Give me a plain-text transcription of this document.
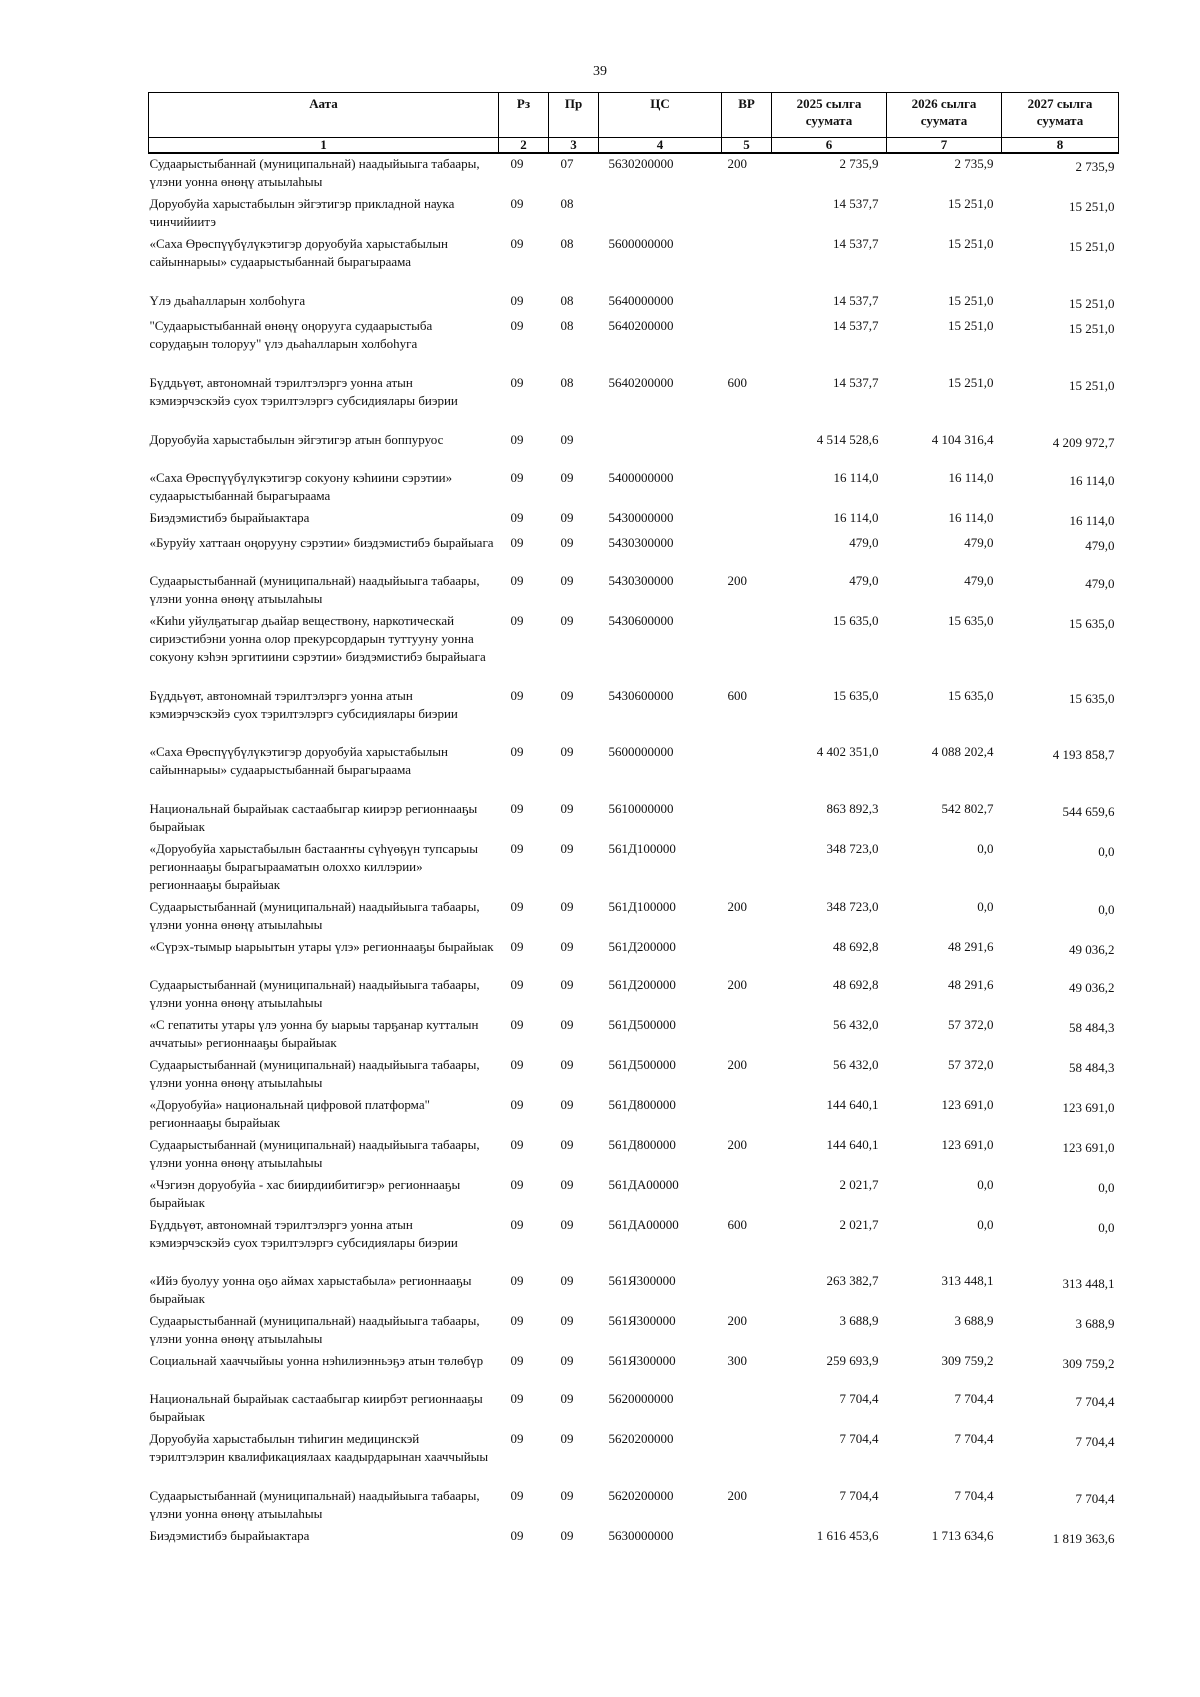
39
Аата	Рз	Пр	ЦС	ВР	2025 сылга суумата	2026 сылга суумата	2027 сылга суумата
1	2	3	4	5	6	7	8
Судаарыстыбаннай (муниципальнай) наадыйыыга табаары, үлэни уонна өнөңү атыылаһыы	09	07	5630200000	200	2 735,9	2 735,9	2 735,9
Доруобуйа харыстабылын эйгэтигэр прикладной наука чинчийиитэ	09	08			14 537,7	15 251,0	15 251,0
«Саха Өрөспүүбүлүкэтигэр доруобуйа харыстабылын сайыннарыы» судаарыстыбаннай бырагыраама	09	08	5600000000		14 537,7	15 251,0	15 251,0
Үлэ дьаһалларын холбоһуга	09	08	5640000000		14 537,7	15 251,0	15 251,0
"Судаарыстыбаннай өнөңү оңорууга судаарыстыба сорудаҕын толоруу" үлэ дьаһалларын холбоһуга	09	08	5640200000		14 537,7	15 251,0	15 251,0
Бүддьүөт, автономнай тэрилтэлэргэ уонна атын кэмиэрчэскэйэ суох тэрилтэлэргэ субсидиялары биэрии	09	08	5640200000	600	14 537,7	15 251,0	15 251,0
Доруобуйа харыстабылын эйгэтигэр атын боппуруос	09	09			4 514 528,6	4 104 316,4	4 209 972,7
«Саха Өрөспүүбүлүкэтигэр сокуону кэһиини сэрэтии» судаарыстыбаннай бырагыраама	09	09	5400000000		16 114,0	16 114,0	16 114,0
Биэдэмистибэ бырайыактара	09	09	5430000000		16 114,0	16 114,0	16 114,0
«Буруйу хаттаан оңорууну сэрэтии» биэдэмистибэ бырайыага	09	09	5430300000		479,0	479,0	479,0
Судаарыстыбаннай (муниципальнай) наадыйыыга табаары, үлэни уонна өнөңү атыылаһыы	09	09	5430300000	200	479,0	479,0	479,0
«Киһи уйулҕатыгар дьайар веществону, наркотическай сириэстибэни уонна олор прекурсордарын туттууну уонна сокуону кэһэн эргитиини сэрэтии» биэдэмистибэ бырайыага	09	09	5430600000		15 635,0	15 635,0	15 635,0
Бүддьүөт, автономнай тэрилтэлэргэ уонна атын кэмиэрчэскэйэ суох тэрилтэлэргэ субсидиялары биэрии	09	09	5430600000	600	15 635,0	15 635,0	15 635,0
«Саха Өрөспүүбүлүкэтигэр доруобуйа харыстабылын сайыннарыы» судаарыстыбаннай бырагыраама	09	09	5600000000		4 402 351,0	4 088 202,4	4 193 858,7
Национальнай бырайыак састаабыгар киирэр регионнааҕы бырайыак	09	09	5610000000		863 892,3	542 802,7	544 659,6
«Доруобуйа харыстабылын бастааҥҥы сүһүөҕүн тупсарыы регионнааҕы бырагырааматын олоххо киллэрии» регионнааҕы бырайыак	09	09	561Д100000		348 723,0	0,0	0,0
Судаарыстыбаннай (муниципальнай) наадыйыыга табаары, үлэни уонна өнөңү атыылаһыы	09	09	561Д100000	200	348 723,0	0,0	0,0
«Сүрэх-тымыр ыарыытын утары үлэ» регионнааҕы бырайыак	09	09	561Д200000		48 692,8	48 291,6	49 036,2
Судаарыстыбаннай (муниципальнай) наадыйыыга табаары, үлэни уонна өнөңү атыылаһыы	09	09	561Д200000	200	48 692,8	48 291,6	49 036,2
«С гепатиты утары үлэ уонна бу ыарыы тарҕанар кутталын аччатыы» регионнааҕы бырайыак	09	09	561Д500000		56 432,0	57 372,0	58 484,3
Судаарыстыбаннай (муниципальнай) наадыйыыга табаары, үлэни уонна өнөңү атыылаһыы	09	09	561Д500000	200	56 432,0	57 372,0	58 484,3
«Доруобуйа» национальнай цифровой платформа" регионнааҕы бырайыак	09	09	561Д800000		144 640,1	123 691,0	123 691,0
Судаарыстыбаннай (муниципальнай) наадыйыыга табаары, үлэни уонна өнөңү атыылаһыы	09	09	561Д800000	200	144 640,1	123 691,0	123 691,0
«Чэгиэн доруобуйа - хас биирдиибитигэр» регионнааҕы бырайыак	09	09	561ДА00000		2 021,7	0,0	0,0
Бүддьүөт, автономнай тэрилтэлэргэ уонна атын кэмиэрчэскэйэ суох тэрилтэлэргэ субсидиялары биэрии	09	09	561ДА00000	600	2 021,7	0,0	0,0
«Ийэ буолуу уонна оҕо аймах харыстабыла» регионнааҕы бырайыак	09	09	561Я300000		263 382,7	313 448,1	313 448,1
Судаарыстыбаннай (муниципальнай) наадыйыыга табаары, үлэни уонна өнөңү атыылаһыы	09	09	561Я300000	200	3 688,9	3 688,9	3 688,9
Социальнай хааччыйыы уонна нэһилиэнньэҕэ атын төлөбүр	09	09	561Я300000	300	259 693,9	309 759,2	309 759,2
Национальнай бырайыак састаабыгар киирбэт регионнааҕы бырайыак	09	09	5620000000		7 704,4	7 704,4	7 704,4
Доруобуйа харыстабылын тиһигин медицинскэй тэрилтэлэрин квалификациялаах каадырдарынан хааччыйыы	09	09	5620200000		7 704,4	7 704,4	7 704,4
Судаарыстыбаннай (муниципальнай) наадыйыыга табаары, үлэни уонна өнөңү атыылаһыы	09	09	5620200000	200	7 704,4	7 704,4	7 704,4
Биэдэмистибэ бырайыактара	09	09	5630000000		1 616 453,6	1 713 634,6	1 819 363,6
